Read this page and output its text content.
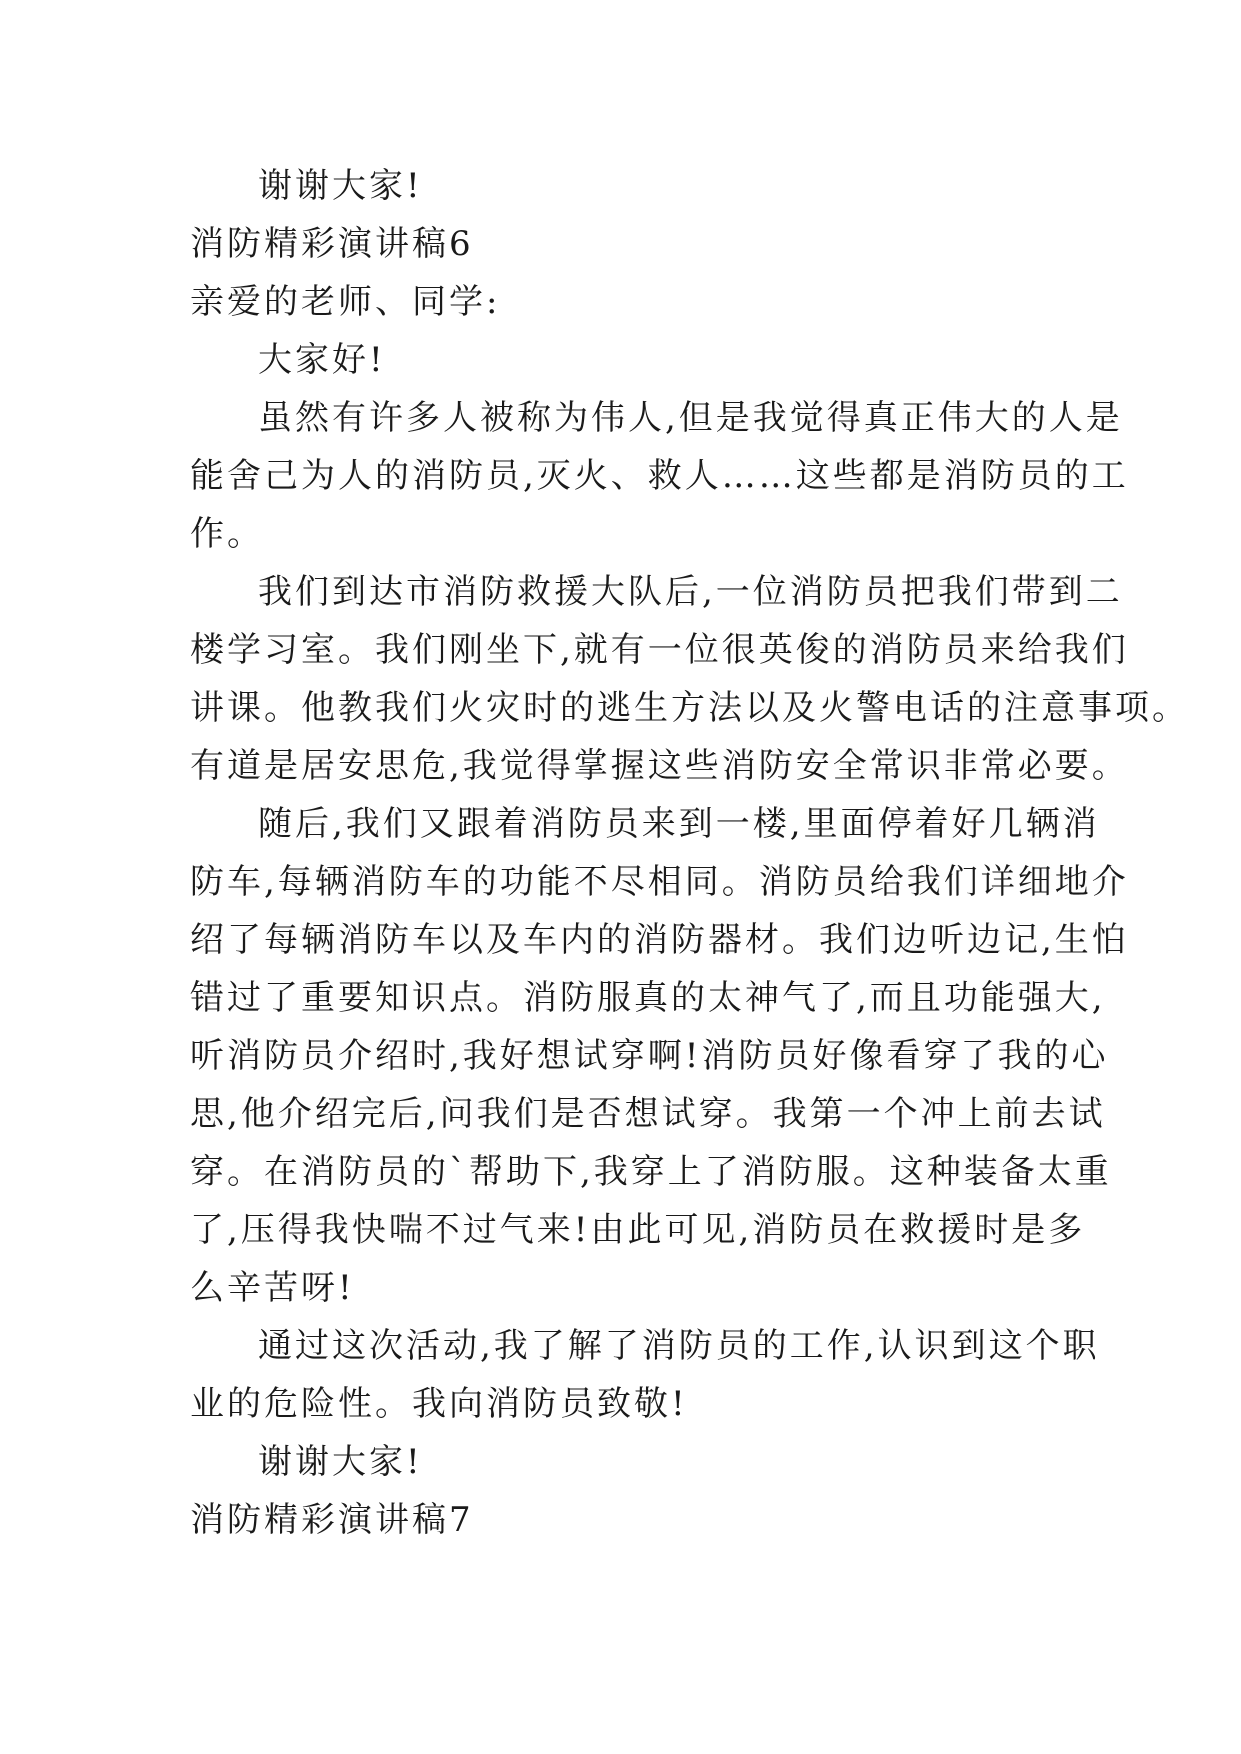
谢谢大家!
消防精彩演讲稿6
亲爱的老师、同学:
大家好!
虽然有许多人被称为伟人,但是我觉得真正伟大的人是
能舍己为人的消防员,灭火、救人……这些都是消防员的工
作。
我们到达市消防救援大队后,一位消防员把我们带到二
楼学习室。我们刚坐下,就有一位很英俊的消防员来给我们
讲课。他教我们火灾时的逃生方法以及火警电话的注意事项。
有道是居安思危,我觉得掌握这些消防安全常识非常必要。
随后,我们又跟着消防员来到一楼,里面停着好几辆消
防车,每辆消防车的功能不尽相同。消防员给我们详细地介
绍了每辆消防车以及车内的消防器材。我们边听边记,生怕
错过了重要知识点。消防服真的太神气了,而且功能强大,
听消防员介绍时,我好想试穿啊!消防员好像看穿了我的心
思,他介绍完后,问我们是否想试穿。我第一个冲上前去试
穿。在消防员的`帮助下,我穿上了消防服。这种装备太重
了,压得我快喘不过气来!由此可见,消防员在救援时是多
么辛苦呀!
通过这次活动,我了解了消防员的工作,认识到这个职
业的危险性。我向消防员致敬!
谢谢大家!
消防精彩演讲稿7
